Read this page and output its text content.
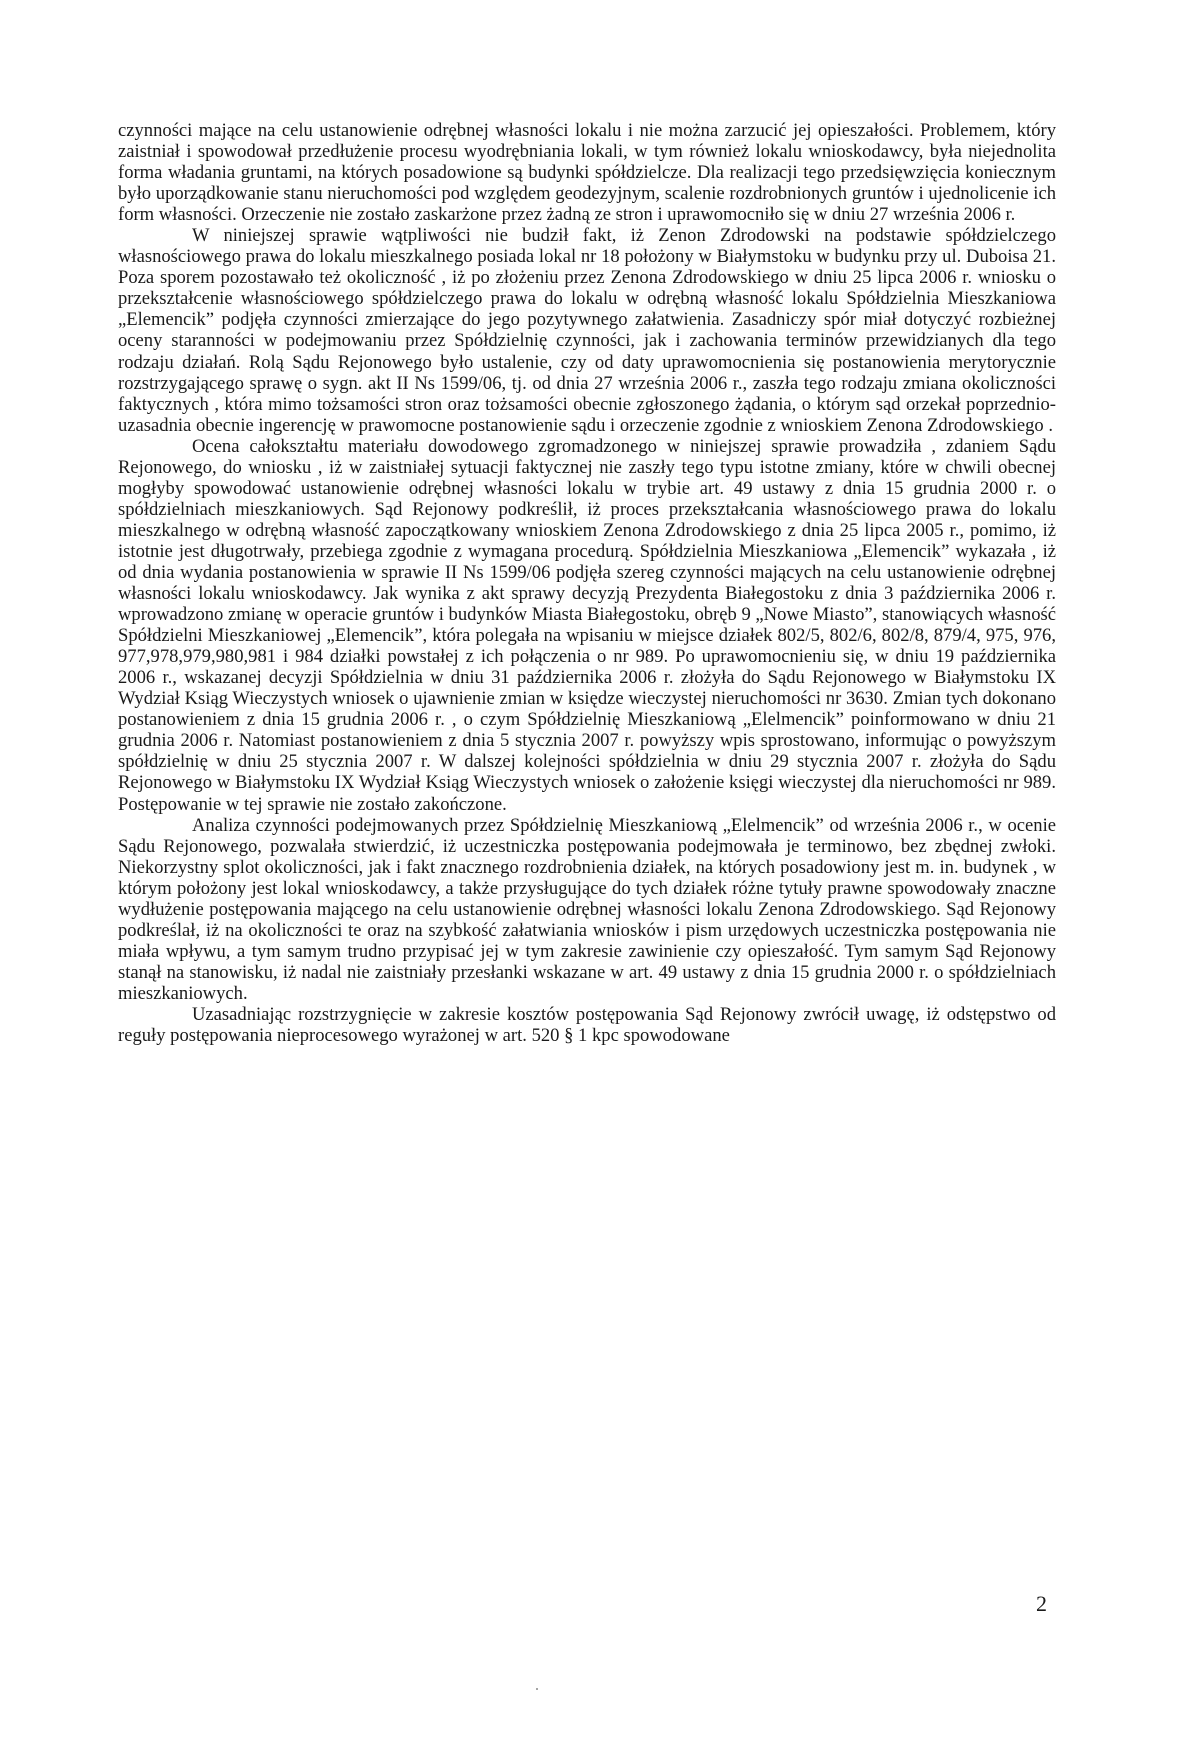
czynności mające na celu ustanowienie odrębnej własności lokalu i nie można zarzucić jej opieszałości. Problemem, który zaistniał i spowodował przedłużenie procesu wyodrębniania lokali, w tym również lokalu wnioskodawcy, była niejednolita forma władania gruntami, na których posadowione są budynki spółdzielcze. Dla realizacji tego przedsięwzięcia koniecznym było uporządkowanie stanu nieruchomości pod względem geodezyjnym, scalenie rozdrobnionych gruntów i ujednolicenie ich form własności. Orzeczenie nie zostało zaskarżone przez żadną ze stron i uprawomocniło się w dniu 27 września 2006 r.

W niniejszej sprawie wątpliwości nie budził fakt, iż Zenon Zdrodowski na podstawie spółdzielczego własnościowego prawa do lokalu mieszkalnego posiada lokal nr 18 położony w Białymstoku w budynku przy ul. Duboisa 21. Poza sporem pozostawało też okoliczność , iż po złożeniu przez Zenona Zdrodowskiego w dniu 25 lipca 2006 r. wniosku o przekształcenie własnościowego spółdzielczego prawa do lokalu w odrębną własność lokalu Spółdzielnia Mieszkaniowa „Elemencik” podjęła czynności zmierzające do jego pozytywnego załatwienia. Zasadniczy spór miał dotyczyć rozbieżnej oceny staranności w podejmowaniu przez Spółdzielnię czynności, jak i zachowania terminów przewidzianych dla tego rodzaju działań. Rolą Sądu Rejonowego było ustalenie, czy od daty uprawomocnienia się postanowienia merytorycznie rozstrzygającego sprawę o sygn. akt II Ns 1599/06, tj. od dnia 27 września 2006 r., zaszła tego rodzaju zmiana okoliczności faktycznych , która mimo tożsamości stron oraz tożsamości obecnie zgłoszonego żądania, o którym sąd orzekał poprzednio- uzasadnia obecnie ingerencję w prawomocne postanowienie sądu i orzeczenie zgodnie z wnioskiem Zenona Zdrodowskiego .

Ocena całokształtu materiału dowodowego zgromadzonego w niniejszej sprawie prowadziła , zdaniem Sądu Rejonowego, do wniosku , iż w zaistniałej sytuacji faktycznej nie zaszły tego typu istotne zmiany, które w chwili obecnej mogłyby spowodować ustanowienie odrębnej własności lokalu w trybie art. 49 ustawy z dnia 15 grudnia 2000 r. o spółdzielniach mieszkaniowych. Sąd Rejonowy podkreślił, iż proces przekształcania własnościowego prawa do lokalu mieszkalnego w odrębną własność zapoczątkowany wnioskiem Zenona Zdrodowskiego z dnia 25 lipca 2005 r., pomimo, iż istotnie jest długotrwały, przebiega zgodnie z wymagana procedurą. Spółdzielnia Mieszkaniowa „Elemencik” wykazała , iż od dnia wydania postanowienia w sprawie II Ns 1599/06 podjęła szereg czynności mających na celu ustanowienie odrębnej własności lokalu wnioskodawcy. Jak wynika z akt sprawy decyzją Prezydenta Białegostoku z dnia 3 października 2006 r. wprowadzono zmianę w operacie gruntów i budynków Miasta Białegostoku, obręb 9 „Nowe Miasto”, stanowiących własność Spółdzielni Mieszkaniowej „Elemencik”, która polegała na wpisaniu w miejsce działek 802/5, 802/6, 802/8, 879/4, 975, 976, 977,978,979,980,981 i 984 działki powstałej z ich połączenia o nr 989. Po uprawomocnieniu się, w dniu 19 października 2006 r., wskazanej decyzji Spółdzielnia w dniu 31 października 2006 r. złożyła do Sądu Rejonowego w Białymstoku IX Wydział Ksiąg Wieczystych wniosek o ujawnienie zmian w księdze wieczystej nieruchomości nr 3630. Zmian tych dokonano postanowieniem z dnia 15 grudnia 2006 r. , o czym Spółdzielnię Mieszkaniową „Elelmencik” poinformowano w dniu 21 grudnia 2006 r. Natomiast postanowieniem z dnia 5 stycznia 2007 r. powyższy wpis sprostowano, informując o powyższym spółdzielnię w dniu 25 stycznia 2007 r. W dalszej kolejności spółdzielnia w dniu 29 stycznia 2007 r. złożyła do Sądu Rejonowego w Białymstoku IX Wydział Ksiąg Wieczystych wniosek o założenie księgi wieczystej dla nieruchomości nr 989. Postępowanie w tej sprawie nie zostało zakończone.

Analiza czynności podejmowanych przez Spółdzielnię Mieszkaniową „Elelmencik” od września 2006 r., w ocenie Sądu Rejonowego, pozwalała stwierdzić, iż uczestniczka postępowania podejmowała je terminowo, bez zbędnej zwłoki. Niekorzystny splot okoliczności, jak i fakt znacznego rozdrobnienia działek, na których posadowiony jest m. in. budynek , w którym położony jest lokal wnioskodawcy, a także przysługujące do tych działek różne tytuły prawne spowodowały znaczne wydłużenie postępowania mającego na celu ustanowienie odrębnej własności lokalu Zenona Zdrodowskiego. Sąd Rejonowy podkreślał, iż na okoliczności te oraz na szybkość załatwiania wniosków i pism urzędowych uczestniczka postępowania nie miała wpływu, a tym samym trudno przypisać jej w tym zakresie zawinienie czy opieszałość. Tym samym Sąd Rejonowy stanął na stanowisku, iż nadal nie zaistniały przesłanki wskazane w art. 49 ustawy z dnia 15 grudnia 2000 r. o spółdzielniach mieszkaniowych.

Uzasadniając rozstrzygnięcie w zakresie kosztów postępowania Sąd Rejonowy zwrócił uwagę, iż odstępstwo od reguły postępowania nieprocesowego wyrażonej w art. 520 § 1 kpc spowodowane

2
